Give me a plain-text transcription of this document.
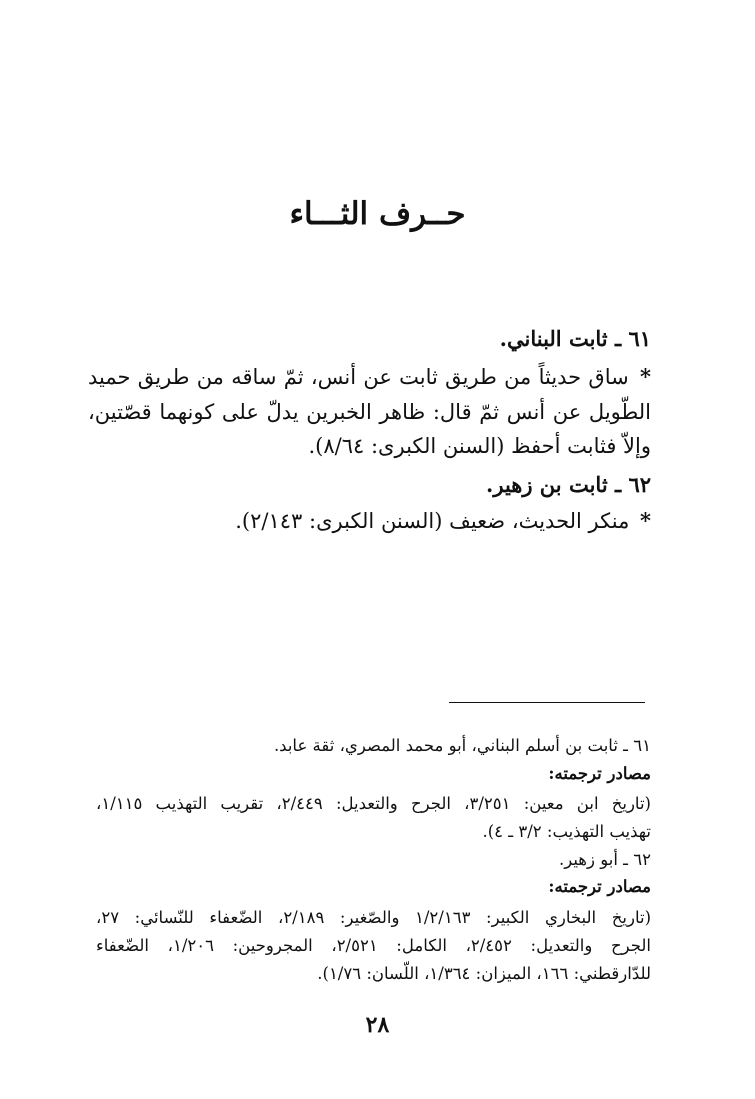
حــرف الثـــاء
٦١ ـ ثابت البناني.
* ساق حديثاً من طريق ثابت عن أنس، ثمّ ساقه من طريق حميد
الطّويل عن أنس ثمّ قال: ظاهر الخبرين يدلّ على كونهما قصّتين،
وإلاّ فثابت أحفظ (السنن الكبرى: ٨/٦٤).
٦٢ ـ ثابت بن زهير.
* منكر الحديث، ضعيف (السنن الكبرى: ٢/١٤٣).
٦١ ـ ثابت بن أسلم البناني، أبو محمد المصري، ثقة عابد.
مصادر ترجمته:
(تاريخ ابن معين: ٣/٢٥١، الجرح والتعديل: ٢/٤٤٩، تقريب التهذيب ١/١١٥،
تهذيب التهذيب: ٣/٢ ـ ٤).
٦٢ ـ أبو زهير.
مصادر ترجمته:
(تاريخ البخاري الكبير: ١/٢/١٦٣ والصّغير: ٢/١٨٩، الضّعفاء للنّسائي: ٢٧،
الجرح والتعديل: ٢/٤٥٢، الكامل: ٢/٥٢١، المجروحين: ١/٢٠٦، الضّعفاء
للدّارقطني: ١٦٦، الميزان: ١/٣٦٤، اللّسان: ١/٧٦).
٢٨
